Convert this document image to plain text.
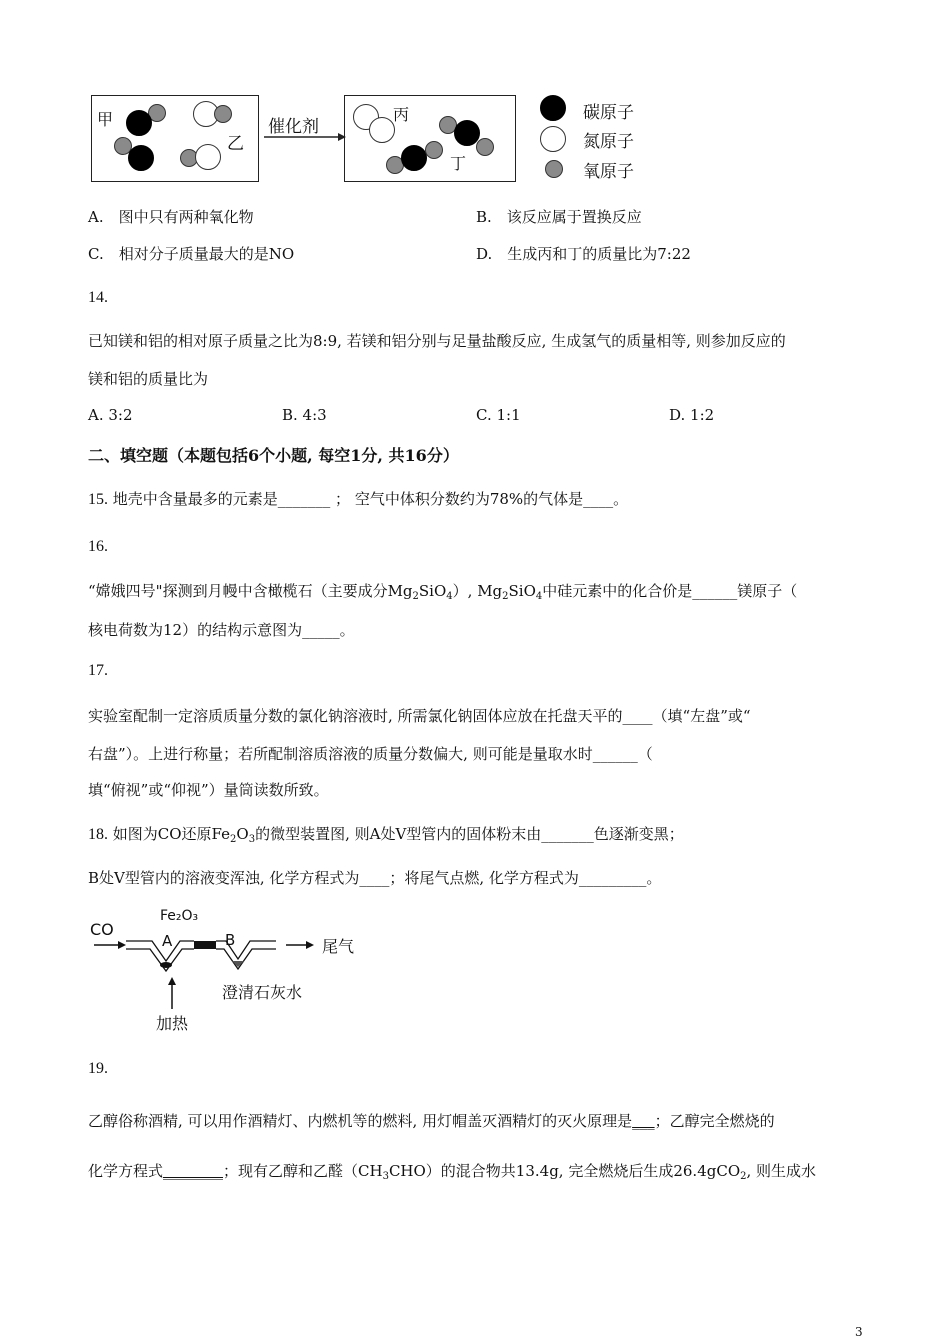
甲
乙
催化剂
丙
丁
碳原子
氮原子
氧原子
A.　图中只有两种氧化物	B.　该反应属于置换反应
C.　相对分子质量最大的是NO	D.　生成丙和丁的质量比为7:22
14.
已知镁和铝的相对原子质量之比为8:9, 若镁和铝分别与足量盐酸反应, 生成氢气的质量相等, 则参加反应的
镁和铝的质量比为
A. 3:2	B. 4:3	C. 1:1	D. 1:2
二、填空题（本题包括6个小题, 每空1分, 共16分）
15. 地壳中含量最多的元素是_______ ； 空气中体积分数约为78%的气体是____。
16.
“嫦娥四号"探测到月幔中含橄榄石（主要成分$Mg_2SiO_4$）, $Mg_2SiO_4$中硅元素中的化合价是______镁原子（
核电荷数为12）的结构示意图为_____。
17.
实验室配制一定溶质质量分数的氯化钠溶液时, 所需氯化钠固体应放在托盘天平的____（填“左盘”或“
右盘”）。上进行称量；若所配制溶质溶液的质量分数偏大, 则可能是量取水时______（
填“俯视”或“仰视”）量筒读数所致。
18. 如图为CO还原$Fe_2O_3$的微型装置图, 则A处V型管内的固体粉末由_______色逐渐变黑；
B处V型管内的溶液变浑浊, 化学方程式为____；将尾气点燃, 化学方程式为_________。
CO
Fe₂O₃
A	B	尾气
澄清石灰水
加热
19.
乙醇俗称酒精, 可以用作酒精灯、内燃机等的燃料, 用灯帽盖灭酒精灯的灭火原理是___；乙醇完全燃烧的
化学方程式________；现有乙醇和乙醛$(CH_3CHO)$的混合物共13.4g, 完全燃烧后生成26.4gCO$_2$, 则生成水
3
